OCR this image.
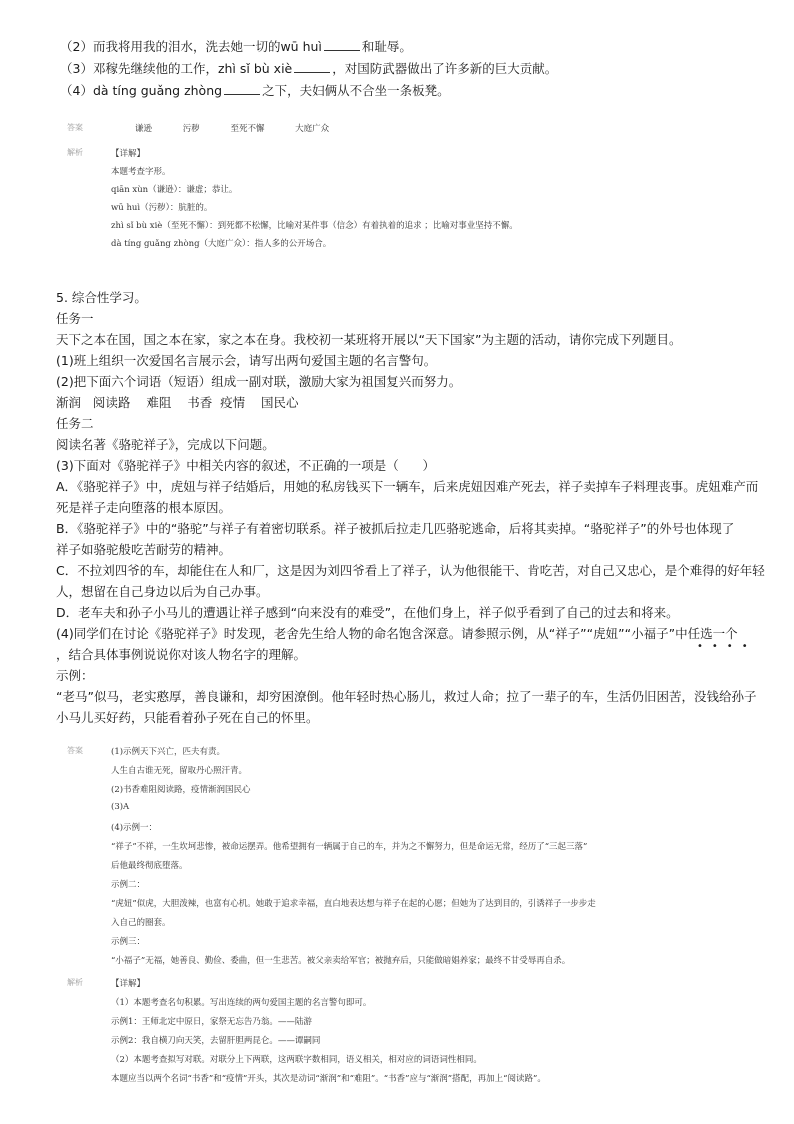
（2）而我将用我的泪水，洗去她一切的wū huì	和耻辱。
（3）邓稼先继续他的工作，zhì sǐ bù xiè	，对国防武器做出了许多新的巨大贡献。
（4）dà tíng guǎng zhòng	之下，夫妇俩从不合坐一条板凳。
答案	谦逊	污秽	至死不懈	大庭广众
解析	【详解】
本题考查字形。
qiān xùn（谦逊）：谦虚；恭让。
wū huì（污秽）：肮脏的。
zhì sǐ bù xiè（至死不懈）：到死都不松懈，比喻对某件事（信念）有着执着的追求 ；比喻对事业坚持不懈。
dà tíng guǎng zhòng（大庭广众）：指人多的公开场合。
5. 综合性学习。
任务一
天下之本在国，国之本在家，家之本在身。我校初一某班将开展以“天下国家”为主题的活动，请你完成下列题目。
(1)班上组织一次爱国名言展示会，请写出两句爱国主题的名言警句。
(2)把下面六个词语（短语）组成一副对联，激励大家为祖国复兴而努力。
渐润   阅读路    难阻    书香  疫情    国民心
任务二
阅读名著《骆驼祥子》，完成以下问题。
(3)下面对《骆驼祥子》中相关内容的叙述，不正确的一项是（      ）
A．《骆驼祥子》中，虎妞与祥子结婚后，用她的私房钱买下一辆车，后来虎妞因难产死去，祥子卖掉车子料理丧事。虎妞难产而
死是祥子走向堕落的根本原因。
B．《骆驼祥子》中的“骆驼”与祥子有着密切联系。祥子被抓后拉走几匹骆驼逃命，后将其卖掉。“骆驼祥子”的外号也体现了
祥子如骆驼般吃苦耐劳的精神。
C．不拉刘四爷的车，却能住在人和厂，这是因为刘四爷看上了祥子，认为他很能干、肯吃苦，对自己又忠心，是个难得的好年轻
人，想留在自己身边以后为自己办事。
D．老车夫和孙子小马儿的遭遇让祥子感到“向来没有的难受”，在他们身上，祥子似乎看到了自己的过去和将来。
(4)同学们在讨论《骆驼祥子》时发现，老舍先生给人物的命名饱含深意。请参照示例，从“祥子”“虎妞”“小福子”中任选一个
••••
，结合具体事例说说你对该人物名字的理解。
示例：
“老马”似马，老实憨厚，善良谦和，却穷困潦倒。他年轻时热心肠儿，救过人命；拉了一辈子的车，生活仍旧困苦，没钱给孙子
小马儿买好药，只能看着孙子死在自己的怀里。
答案	(1)示例天下兴亡，匹夫有责。
人生自古谁无死，留取丹心照汗青。
(2)书香难阻阅读路，疫情渐润国民心
(3)A
(4)示例一：
“祥子”不祥，一生坎坷悲惨，被命运摆弄。他希望拥有一辆属于自己的车，并为之不懈努力，但是命运无常，经历了“三起三落”
后他最终彻底堕落。
示例二：
“虎妞”似虎，大胆泼辣，也富有心机。她敢于追求幸福，直白地表达想与祥子在起的心愿；但她为了达到目的，引诱祥子一步步走
入自己的圈套。
示例三：
“小福子”无福，她善良、勤俭、委曲，但一生悲苦。被父亲卖给军官；被抛弃后，只能做暗娼养家；最终不甘受辱再自杀。
解析	【详解】
（1）本题考查名句积累。写出连续的两句爱国主题的名言警句即可。
示例1：王师北定中原日，家祭无忘告乃翁。——陆游
示例2：我自横刀向天笑，去留肝胆两昆仑。——谭嗣同
（2）本题考查拟写对联。对联分上下两联，这两联字数相同，语义相关，相对应的词语词性相同。
本题应当以两个名词“书香”和“疫情”开头，其次是动词“渐润”和“难阻”。“书香”应与“渐润”搭配，再加上“阅读路”。
